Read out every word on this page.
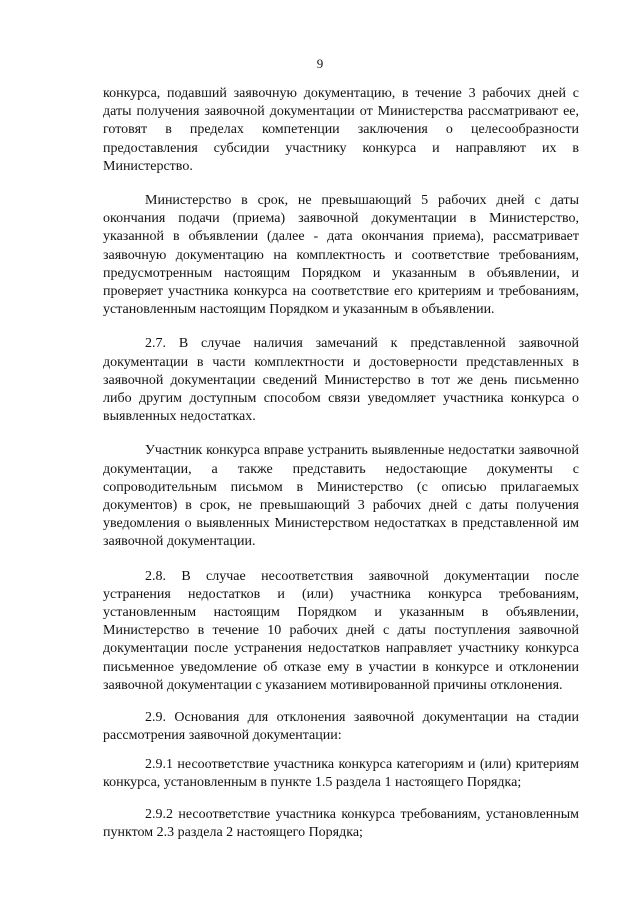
9

конкурса, подавший заявочную документацию, в течение 3 рабочих дней с даты получения заявочной документации от Министерства рассматривают ее, готовят в пределах компетенции заключения о целесообразности предоставления субсидии участнику конкурса и направляют их в Министерство.

Министерство в срок, не превышающий 5 рабочих дней с даты окончания подачи (приема) заявочной документации в Министерство, указанной в объявлении (далее - дата окончания приема), рассматривает заявочную документацию на комплектность и соответствие требованиям, предусмотренным настоящим Порядком и указанным в объявлении, и проверяет участника конкурса на соответствие его критериям и требованиям, установленным настоящим Порядком и указанным в объявлении.

2.7. В случае наличия замечаний к представленной заявочной документации в части комплектности и достоверности представленных в заявочной документации сведений Министерство в тот же день письменно либо другим доступным способом связи уведомляет участника конкурса о выявленных недостатках.

Участник конкурса вправе устранить выявленные недостатки заявочной документации, а также представить недостающие документы с сопроводительным письмом в Министерство (с описью прилагаемых документов) в срок, не превышающий 3 рабочих дней с даты получения уведомления о выявленных Министерством недостатках в представленной им заявочной документации.

2.8. В случае несоответствия заявочной документации после устранения недостатков и (или) участника конкурса требованиям, установленным настоящим Порядком и указанным в объявлении, Министерство в течение 10 рабочих дней с даты поступления заявочной документации после устранения недостатков направляет участнику конкурса письменное уведомление об отказе ему в участии в конкурсе и отклонении заявочной документации с указанием мотивированной причины отклонения.

2.9. Основания для отклонения заявочной документации на стадии рассмотрения заявочной документации:

2.9.1 несоответствие участника конкурса категориям и (или) критериям конкурса, установленным в пункте 1.5 раздела 1 настоящего Порядка;

2.9.2 несоответствие участника конкурса требованиям, установленным пунктом 2.3 раздела 2 настоящего Порядка;
